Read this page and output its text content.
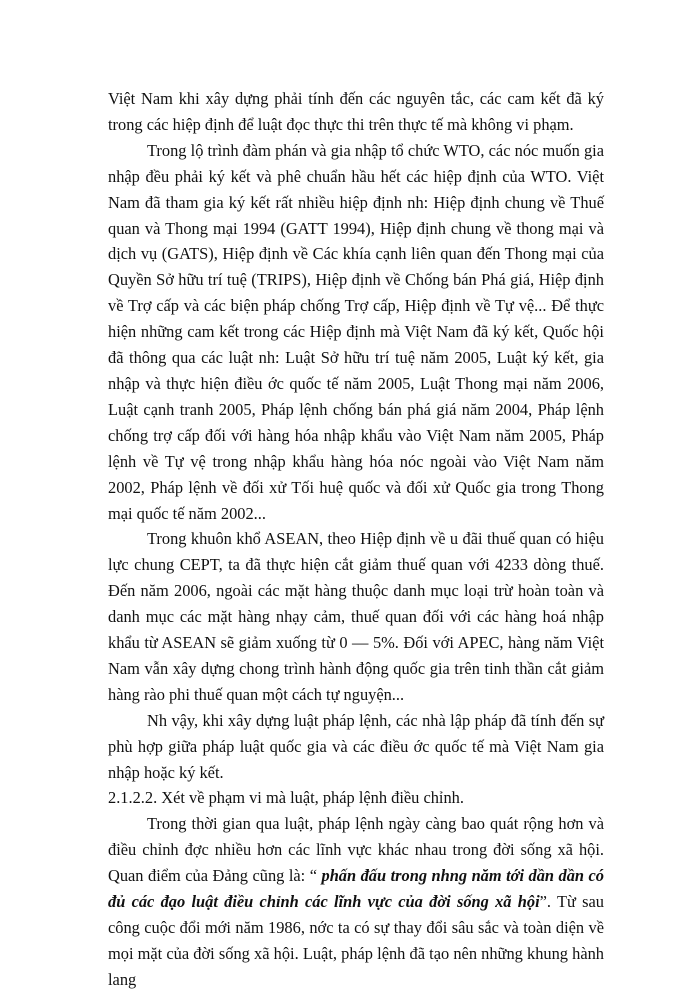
Việt Nam khi xây dựng phải tính đến các nguyên tắc, các cam kết đã ký trong các hiệp định để luật đọc thực thi trên thực tế mà không vi phạm.

Trong lộ trình đàm phán và gia nhập tổ chức WTO, các nóc muốn gia nhập đều phải ký kết và phê chuẩn hầu hết các hiệp định của WTO. Việt Nam đã tham gia ký kết rất nhiều hiệp định nh: Hiệp định chung về Thuế quan và Thong mại 1994 (GATT 1994), Hiệp định chung về thong mại và dịch vụ (GATS), Hiệp định về Các khía cạnh liên quan đến Thong mại của Quyền Sở hữu trí tuệ (TRIPS), Hiệp định về Chống bán Phá giá, Hiệp định về Trợ cấp và các biện pháp chống Trợ cấp, Hiệp định về Tự vệ... Để thực hiện những cam kết trong các Hiệp định mà Việt Nam đã ký kết, Quốc hội đã thông qua các luật nh: Luật Sở hữu trí tuệ năm 2005, Luật ký kết, gia nhập và thực hiện điều ớc quốc tế năm 2005, Luật Thong mại năm 2006, Luật cạnh tranh 2005, Pháp lệnh chống bán phá giá năm 2004, Pháp lệnh chống trợ cấp đối với hàng hóa nhập khẩu vào Việt Nam năm 2005, Pháp lệnh về Tự vệ trong nhập khẩu hàng hóa nóc ngoài vào Việt Nam năm 2002, Pháp lệnh về đối xử Tối huệ quốc và đối xử Quốc gia trong Thong mại quốc tế năm 2002...

Trong khuôn khổ ASEAN, theo Hiệp định về u đãi thuế quan có hiệu lực chung CEPT, ta đã thực hiện cắt giảm thuế quan với 4233 dòng thuế. Đến năm 2006, ngoài các mặt hàng thuộc danh mục loại trừ hoàn toàn và danh mục các mặt hàng nhạy cảm, thuế quan đối với các hàng hoá nhập khẩu từ ASEAN sẽ giảm xuống từ 0 — 5%. Đối với APEC, hàng năm Việt Nam vẫn xây dựng chong trình hành động quốc gia trên tinh thần cắt giảm hàng rào phi thuế quan một cách tự nguyện...

Nh vậy, khi xây dựng luật pháp lệnh, các nhà lập pháp đã tính đến sự phù hợp giữa pháp luật quốc gia và các điều ớc quốc tế mà Việt Nam gia nhập hoặc ký kết.

2.1.2.2. Xét về phạm vi mà luật, pháp lệnh điều chỉnh.

Trong thời gian qua luật, pháp lệnh ngày càng bao quát rộng hơn và điều chỉnh đợc nhiều hơn các lĩnh vực khác nhau trong đời sống xã hội. Quan điểm của Đảng cũng là: “ phấn đấu trong nhng năm tới dần dần có đủ các đạo luật điều chỉnh các lĩnh vực của đời sống xã hội”. Từ sau công cuộc đổi mới năm 1986, nớc ta có sự thay đổi sâu sắc và toàn diện về mọi mặt của đời sống xã hội. Luật, pháp lệnh đã tạo nên những khung hành lang
